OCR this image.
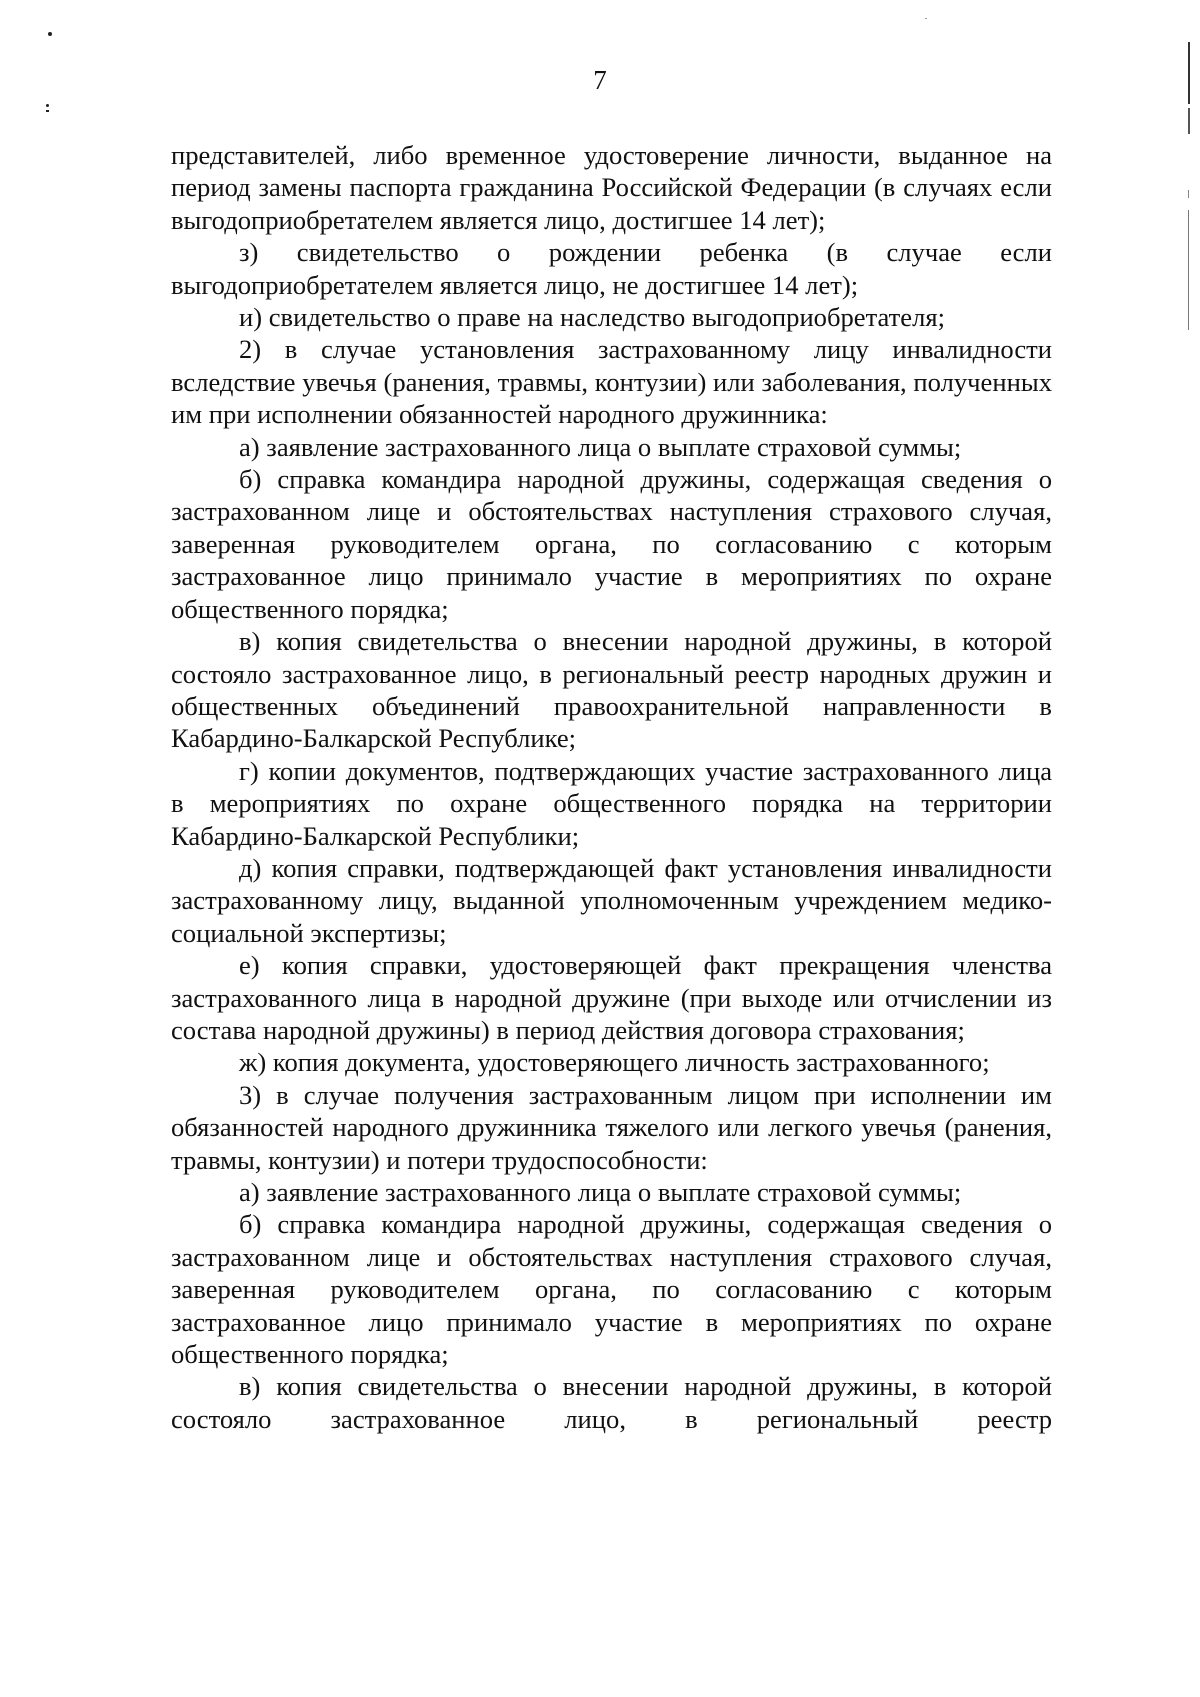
7

представителей, либо временное удостоверение личности, выданное на период замены паспорта гражданина Российской Федерации (в случаях если выгодоприобретателем является лицо, достигшее 14 лет);

з) свидетельство о рождении ребенка (в случае если выгодоприобретателем является лицо, не достигшее 14 лет);

и) свидетельство о праве на наследство выгодоприобретателя;

2) в случае установления застрахованному лицу инвалидности вследствие увечья (ранения, травмы, контузии) или заболевания, полученных им при исполнении обязанностей народного дружинника:

а) заявление застрахованного лица о выплате страховой суммы;

б) справка командира народной дружины, содержащая сведения о застрахованном лице и обстоятельствах наступления страхового случая, заверенная руководителем органа, по согласованию с которым застрахованное лицо принимало участие в мероприятиях по охране общественного порядка;

в) копия свидетельства о внесении народной дружины, в которой состояло застрахованное лицо, в региональный реестр народных дружин и общественных объединений правоохранительной направленности в Кабардино-Балкарской Республике;

г) копии документов, подтверждающих участие застрахованного лица в мероприятиях по охране общественного порядка на территории Кабардино-Балкарской Республики;

д) копия справки, подтверждающей факт установления инвалидности застрахованному лицу, выданной уполномоченным учреждением медико-социальной экспертизы;

е) копия справки, удостоверяющей факт прекращения членства застрахованного лица в народной дружине (при выходе или отчислении из состава народной дружины) в период действия договора страхования;

ж) копия документа, удостоверяющего личность застрахованного;

3) в случае получения застрахованным лицом при исполнении им обязанностей народного дружинника тяжелого или легкого увечья (ранения, травмы, контузии) и потери трудоспособности:

а) заявление застрахованного лица о выплате страховой суммы;

б) справка командира народной дружины, содержащая сведения о застрахованном лице и обстоятельствах наступления страхового случая, заверенная руководителем органа, по согласованию с которым застрахованное лицо принимало участие в мероприятиях по охране общественного порядка;

в) копия свидетельства о внесении народной дружины, в которой состояло застрахованное лицо, в региональный реестр
